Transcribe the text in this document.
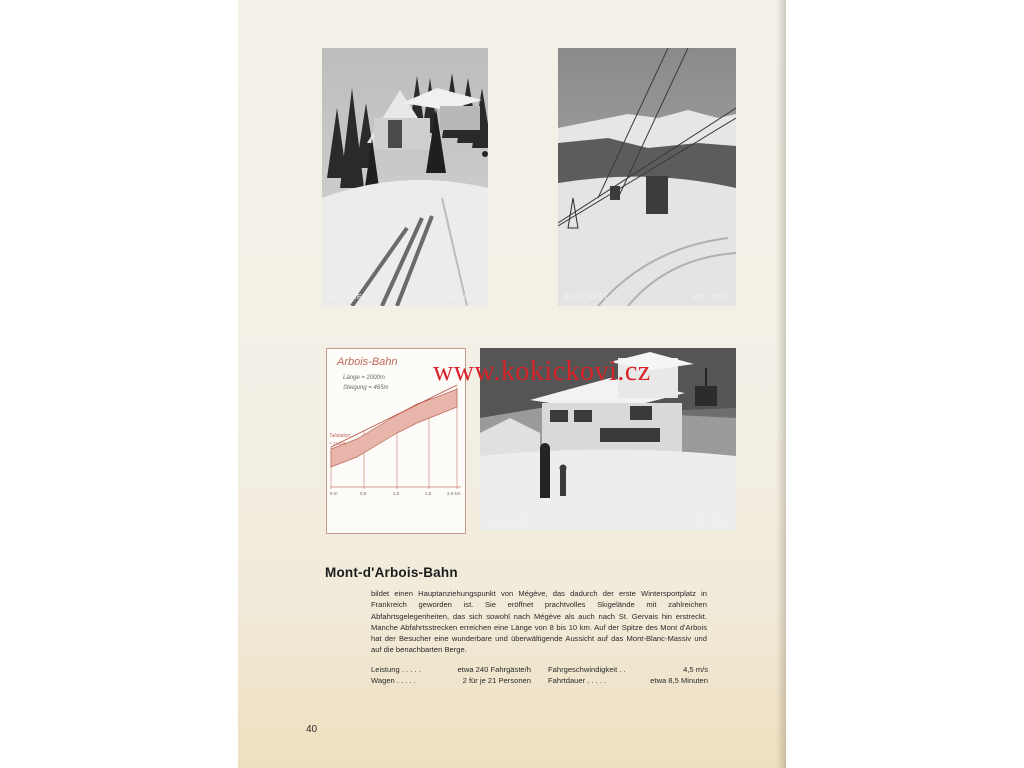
BLEICHERT	Wb 10265	BLEICHERT	Wb 10252
Arbois-Bahn
Länge = 2000m
Steigung = 465m
Talstation
+ 1140m
0 m	0,5	1,0	1,5	2,0 km
BLEICHERT	Wb 10238
Mont-d'Arbois-Bahn
bildet einen Hauptanziehungspunkt von Mégève, das dadurch der erste Wintersportplatz in Frankreich geworden ist. Sie eröffnet prachtvolles Skigelände mit zahlreichen Abfahrtsgelegenheiten, das sich sowohl nach Mégève als auch nach St. Gervais hin erstreckt. Manche Abfahrtsstrecken erreichen eine Länge von 8 bis 10 km. Auf der Spitze des Mont d'Arbois hat der Besucher eine wunderbare und überwältigende Aussicht auf das Mont-Blanc-Massiv und auf die benachbarten Berge.
Leistung . . . . .	etwa 240 Fahrgäste/h
Wagen . . . . .	2 für je 21 Personen
Fahrgeschwindigkeit . .	4,5 m/s
Fahrtdauer . . . . .	etwa 8,5 Minuten
40
www.kokickovi.cz
